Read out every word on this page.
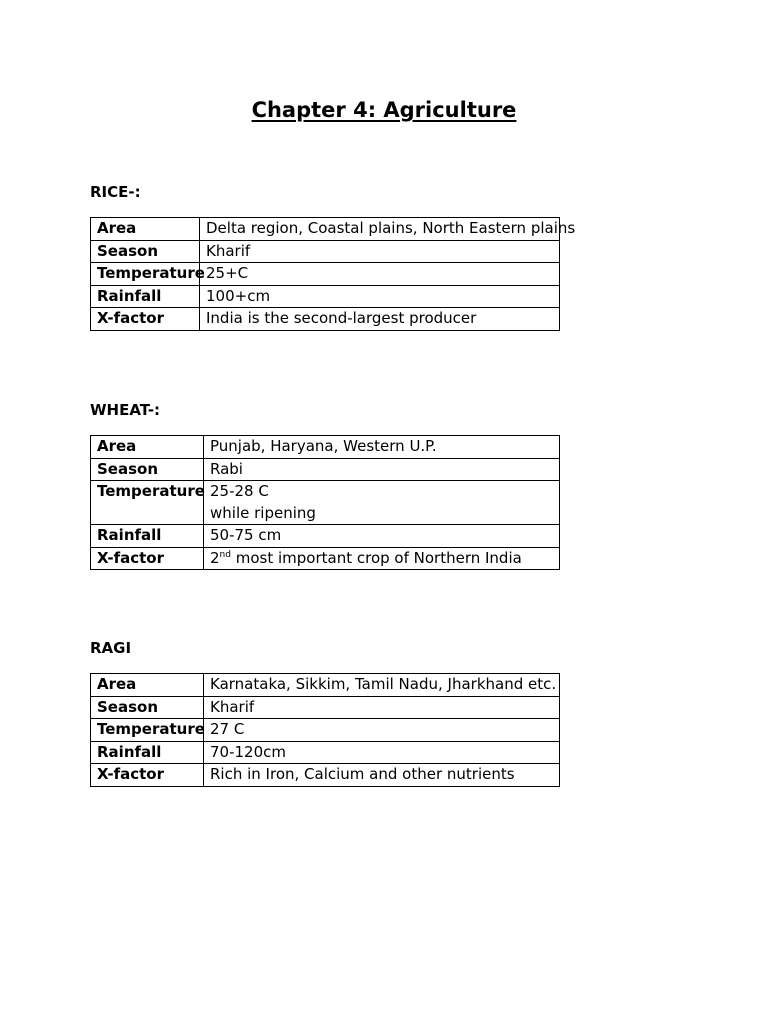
Chapter 4: Agriculture

RICE-:

Area	Delta region, Coastal plains, North Eastern plains
Season	Kharif
Temperature	25+C
Rainfall	100+cm
X-factor	India is the second-largest producer

WHEAT-:

Area	Punjab, Haryana, Western U.P.
Season	Rabi
Temperature	25-28 C
while ripening

Rainfall	50-75 cm
X-factor	2nd most important crop of Northern India

RAGI

Area	Karnataka, Sikkim, Tamil Nadu, Jharkhand etc.
Season	Kharif
Temperature	27 C
Rainfall	70-120cm
X-factor	Rich in Iron, Calcium and other nutrients
